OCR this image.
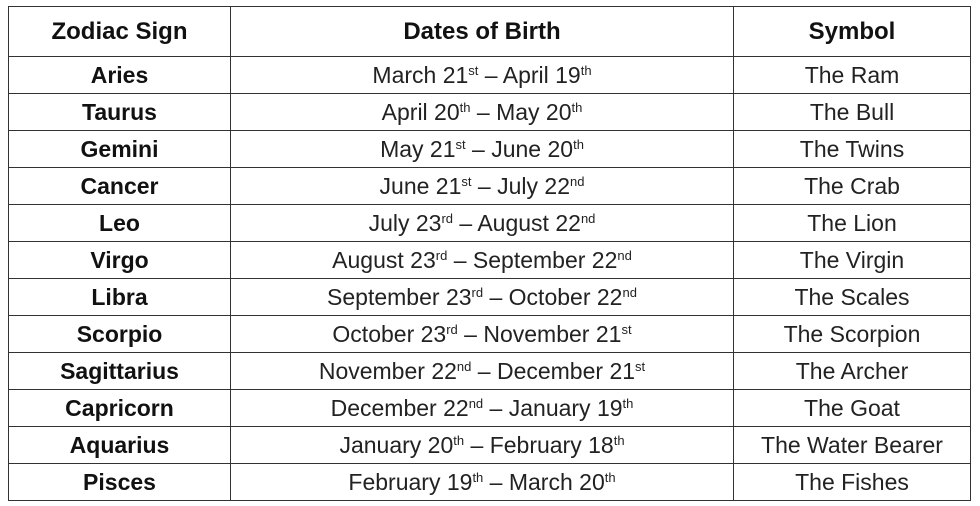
Zodiac Sign	Dates of Birth	Symbol
Aries	March 21st – April 19th	The Ram
Taurus	April 20th – May 20th	The Bull
Gemini	May 21st – June 20th	The Twins
Cancer	June 21st – July 22nd	The Crab
Leo	July 23rd – August 22nd	The Lion
Virgo	August 23rd – September 22nd	The Virgin
Libra	September 23rd – October 22nd	The Scales
Scorpio	October 23rd – November 21st	The Scorpion
Sagittarius	November 22nd – December 21st	The Archer
Capricorn	December 22nd – January 19th	The Goat
Aquarius	January 20th – February 18th	The Water Bearer
Pisces	February 19th – March 20th	The Fishes
